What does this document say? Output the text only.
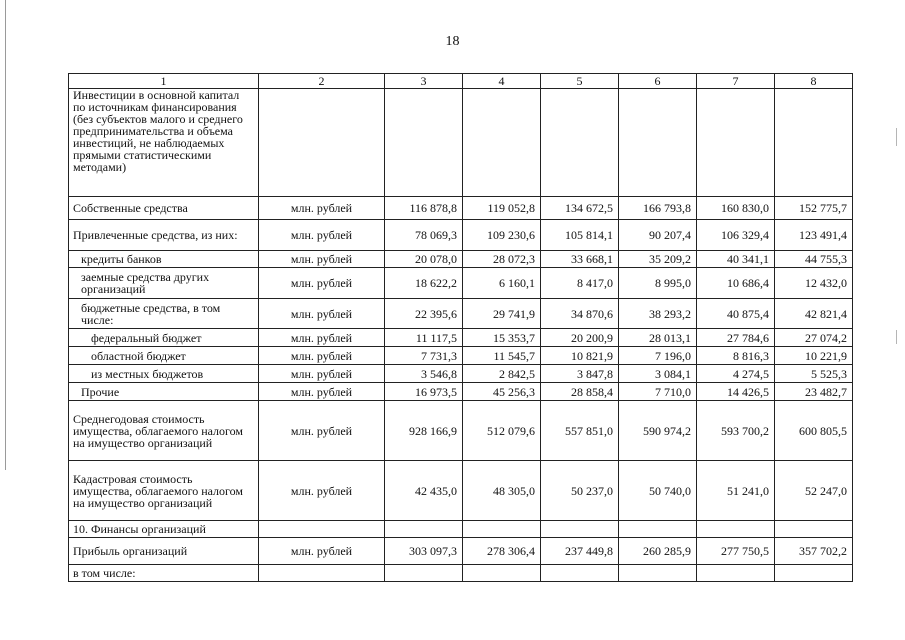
18
1	2	3	4	5	6	7	8
Инвестиции в основной капитал по источникам финансирования (без субъектов малого и среднего предпринимательства и объема инвестиций, не наблюдаемых прямыми статистическими методами)							
Собственные средства	млн. рублей	116 878,8	119 052,8	134 672,5	166 793,8	160 830,0	152 775,7
Привлеченные средства, из них:	млн. рублей	78 069,3	109 230,6	105 814,1	90 207,4	106 329,4	123 491,4
кредиты банков	млн. рублей	20 078,0	28 072,3	33 668,1	35 209,2	40 341,1	44 755,3
заемные средства других организаций	млн. рублей	18 622,2	6 160,1	8 417,0	8 995,0	10 686,4	12 432,0
бюджетные средства, в том числе:	млн. рублей	22 395,6	29 741,9	34 870,6	38 293,2	40 875,4	42 821,4
федеральный бюджет	млн. рублей	11 117,5	15 353,7	20 200,9	28 013,1	27 784,6	27 074,2
областной бюджет	млн. рублей	7 731,3	11 545,7	10 821,9	7 196,0	8 816,3	10 221,9
из местных бюджетов	млн. рублей	3 546,8	2 842,5	3 847,8	3 084,1	4 274,5	5 525,3
Прочие	млн. рублей	16 973,5	45 256,3	28 858,4	7 710,0	14 426,5	23 482,7
Среднегодовая стоимость имущества, облагаемого налогом на имущество организаций	млн. рублей	928 166,9	512 079,6	557 851,0	590 974,2	593 700,2	600 805,5
Кадастровая стоимость имущества, облагаемого налогом на имущество организаций	млн. рублей	42 435,0	48 305,0	50 237,0	50 740,0	51 241,0	52 247,0
10. Финансы организаций							
Прибыль организаций	млн. рублей	303 097,3	278 306,4	237 449,8	260 285,9	277 750,5	357 702,2
в том числе:							
